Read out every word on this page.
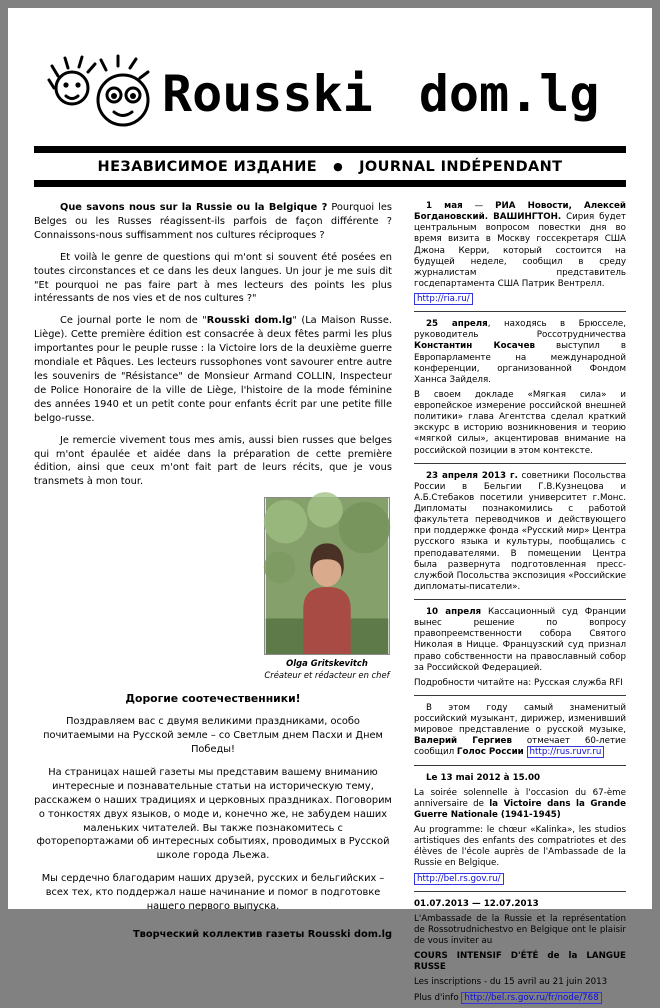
Rousski dom.lg
НЕЗАВИСИМОЕ ИЗДАНИЕ ● JOURNAL INDÉPENDANT

Que savons nous sur la Russie ou la Belgique ? Pourquoi les Belges ou les Russes réagissent-ils parfois de façon différente ? Connaissons-nous suffisamment nos cultures réciproques ?

Et voilà le genre de questions qui m'ont si souvent été posées en toutes circonstances et ce dans les deux langues. Un jour je me suis dit "Et pourquoi ne pas faire part à mes lecteurs des points les plus intéressants de nos vies et de nos cultures ?"

Ce journal porte le nom de "Rousski dom.lg" (La Maison Russe. Liège). Cette première édition est consacrée à deux fêtes parmi les plus importantes pour le peuple russe : la Victoire lors de la deuxième guerre mondiale et Pâques. Les lecteurs russophones vont savourer entre autre les souvenirs de "Résistance" de Monsieur Armand COLLIN, Inspecteur de Police Honoraire de la ville de Liège, l'histoire de la mode féminine des années 1940 et un petit conte pour enfants écrit par une petite fille belgo-russe.

Je remercie vivement tous mes amis, aussi bien russes que belges qui m'ont épaulée et aidée dans la préparation de cette première édition, ainsi que ceux m'ont fait part de leurs récits, que je vous transmets à mon tour.

Olga Gritskevitch
Créateur et rédacteur en chef
Дорогие соотечественники!

Поздравляем вас с двумя великими праздниками, особо почитаемыми на Русской земле – со Светлым днем Пасхи и Днем Победы!

На страницах нашей газеты мы представим вашему вниманию интересные и познавательные статьи на историческую тему, расскажем о наших традициях и церковных праздниках. Поговорим о тонкостях двух языков, о моде и, конечно же, не забудем наших маленьких читателей. Вы также познакомитесь с фоторепортажами об интересных событиях, проводимых в Русской школе города Льежа.

Мы сердечно благодарим наших друзей, русских и бельгийских – всех тех, кто поддержал наше начинание и помог в подготовке нашего первого выпуска.

Творческий коллектив газеты Rousski dom.lg

1 мая — РИА Новости, Алексей Богдановский. ВАШИНГТОН. Сирия будет центральным вопросом повестки дня во время визита в Москву госсекретаря США Джона Керри, который состоится на будущей неделе, сообщил в среду журналистам представитель госдепартамента США Патрик Вентрелл.

http://ria.ru/

25 апреля, находясь в Брюсселе, руководитель Россотрудничества Константин Косачев выступил в Европарламенте на международной конференции, организованной Фондом Ханнса Зайделя.

В своем докладе «Мягкая сила» и европейское измерение российской внешней политики» глава Агентства сделал краткий экскурс в историю возникновения и теорию «мягкой силы», акцентировав внимание на российской позиции в этом контексте.

23 апреля 2013 г. советники Посольства России в Бельгии Г.В.Кузнецова и А.Б.Стебаков посетили университет г.Монс. Дипломаты познакомились с работой факультета переводчиков и действующего при поддержке фонда «Русский мир» Центра русского языка и культуры, пообщались с преподавателями. В помещении Центра была развернута подготовленная пресс-службой Посольства экспозиция «Российские дипломаты-писатели».

10 апреля Кассационный суд Франции вынес решение по вопросу правопреемственности собора Святого Николая в Ницце. Французский суд признал право собственности на православный собор за Российской Федерацией.

Подробности читайте на: Русская служба RFI

В этом году самый знаменитый российский музыкант, дирижер, изменивший мировое представление о русской музыке, Валерий Гергиев отмечает 60-летие сообщил Голос России http://rus.ruvr.ru

Le 13 mai 2012 à 15.00

La soirée solennelle à l'occasion du 67-ème anniversaire de la Victoire dans la Grande Guerre Nationale (1941-1945)

Au programme: le chœur «Kalinka», les studios artistiques des enfants des compatriotes et des élèves de l'école auprès de l'Ambassade de la Russie en Belgique.

http://bel.rs.gov.ru/

01.07.2013 — 12.07.2013

L'Ambassade de la Russie et la représentation de Rossotrudnichestvo en Belgique ont le plaisir de vous inviter au

COURS INTENSIF D'ÉTÉ de la LANGUE RUSSE

Les inscriptions - du 15 avril au 21 juin 2013

Plus d'info http://bel.rs.gov.ru/fr/node/768
